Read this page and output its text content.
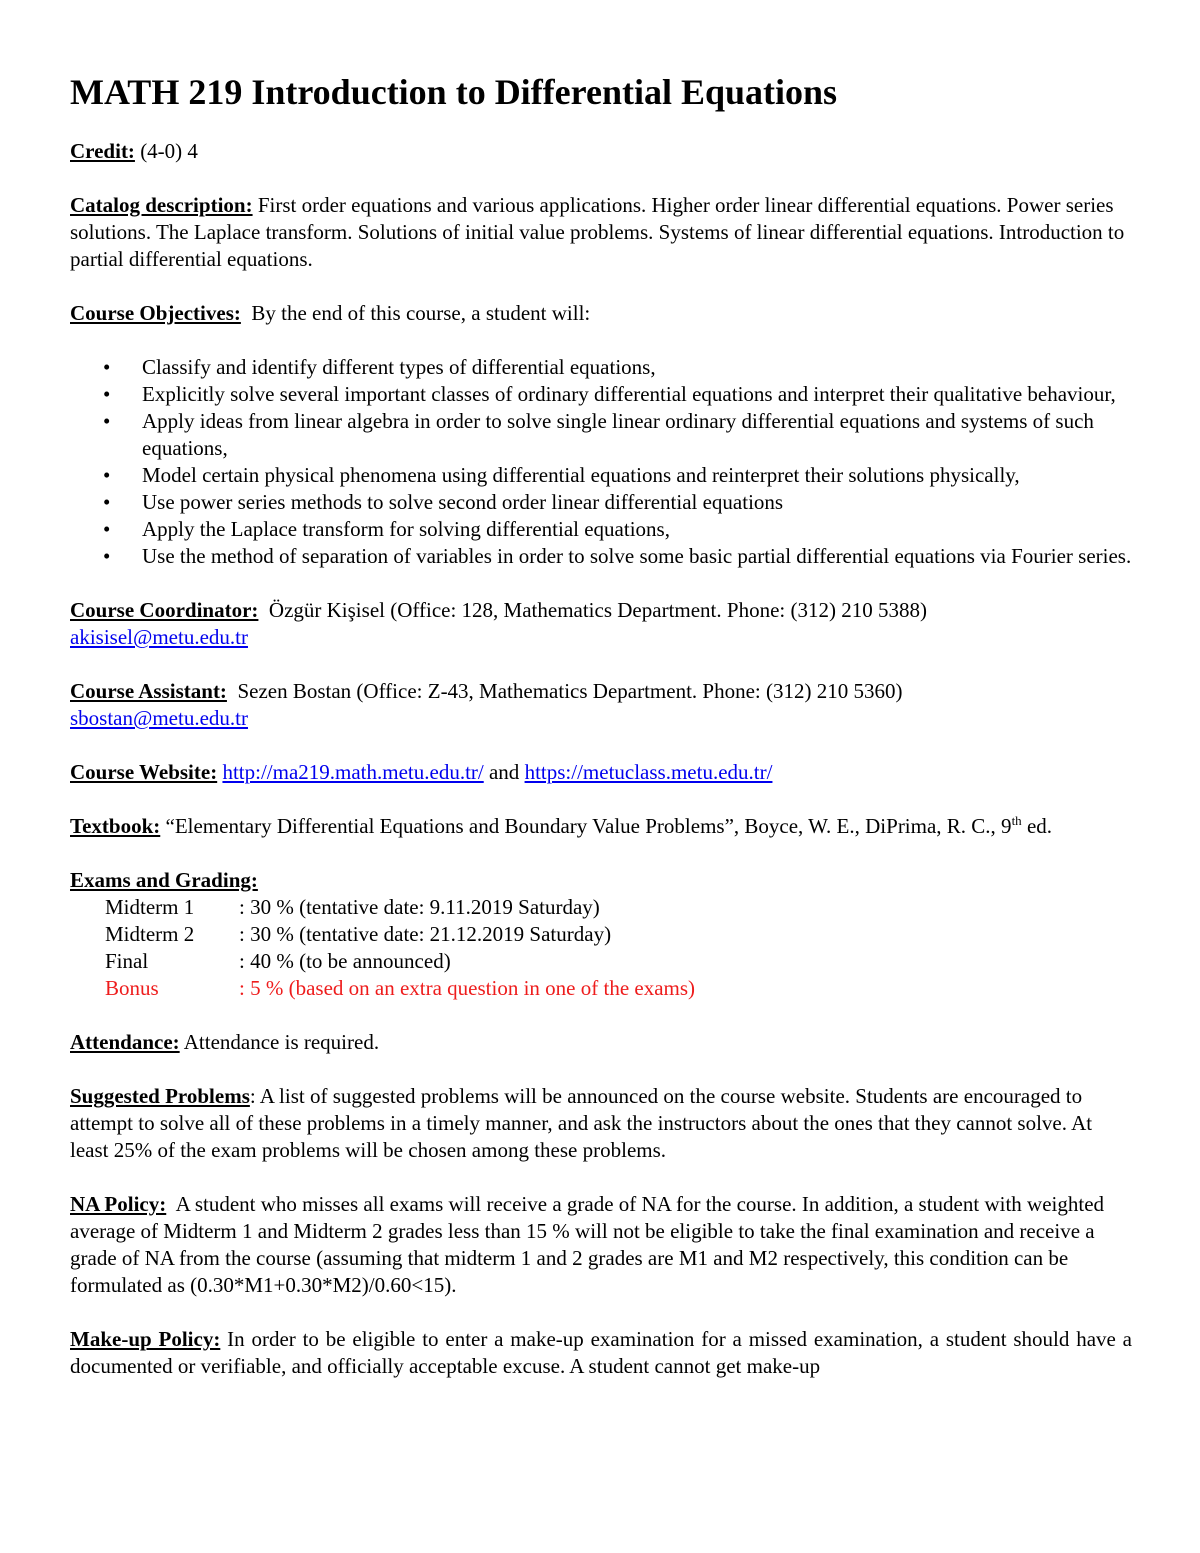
MATH 219 Introduction to Differential Equations

Credit: (4-0) 4

Catalog description: First order equations and various applications. Higher order linear differential equations. Power series solutions. The Laplace transform. Solutions of initial value problems. Systems of linear differential equations. Introduction to partial differential equations.

Course Objectives:  By the end of this course, a student will:

• Classify and identify different types of differential equations,
• Explicitly solve several important classes of ordinary differential equations and interpret their qualitative behaviour,
• Apply ideas from linear algebra in order to solve single linear ordinary differential equations and systems of such equations,
• Model certain physical phenomena using differential equations and reinterpret their solutions physically,
• Use power series methods to solve second order linear differential equations
• Apply the Laplace transform for solving differential equations,
• Use the method of separation of variables in order to solve some basic partial differential equations via Fourier series.

Course Coordinator:  Özgür Kişisel (Office: 128, Mathematics Department. Phone: (312) 210 5388)
akisisel@metu.edu.tr

Course Assistant:  Sezen Bostan (Office: Z-43, Mathematics Department. Phone: (312) 210 5360)
sbostan@metu.edu.tr

Course Website: http://ma219.math.metu.edu.tr/ and https://metuclass.metu.edu.tr/

Textbook: “Elementary Differential Equations and Boundary Value Problems”, Boyce, W. E., DiPrima, R. C., 9th ed.

Exams and Grading:
Midterm 1	: 30 % (tentative date: 9.11.2019 Saturday)
Midterm 2	: 30 % (tentative date: 21.12.2019 Saturday)
Final	: 40 % (to be announced)
Bonus	: 5 % (based on an extra question in one of the exams)

Attendance: Attendance is required.

Suggested Problems: A list of suggested problems will be announced on the course website. Students are encouraged to attempt to solve all of these problems in a timely manner, and ask the instructors about the ones that they cannot solve. At least 25% of the exam problems will be chosen among these problems.

NA Policy:  A student who misses all exams will receive a grade of NA for the course. In addition, a student with weighted average of Midterm 1 and Midterm 2 grades less than 15 % will not be eligible to take the final examination and receive a grade of NA from the course (assuming that midterm 1 and 2 grades are M1 and M2 respectively, this condition can be formulated as (0.30*M1+0.30*M2)/0.60<15).

Make-up Policy: In order to be eligible to enter a make-up examination for a missed examination, a student should have a documented or verifiable, and officially acceptable excuse. A student cannot get make-up
